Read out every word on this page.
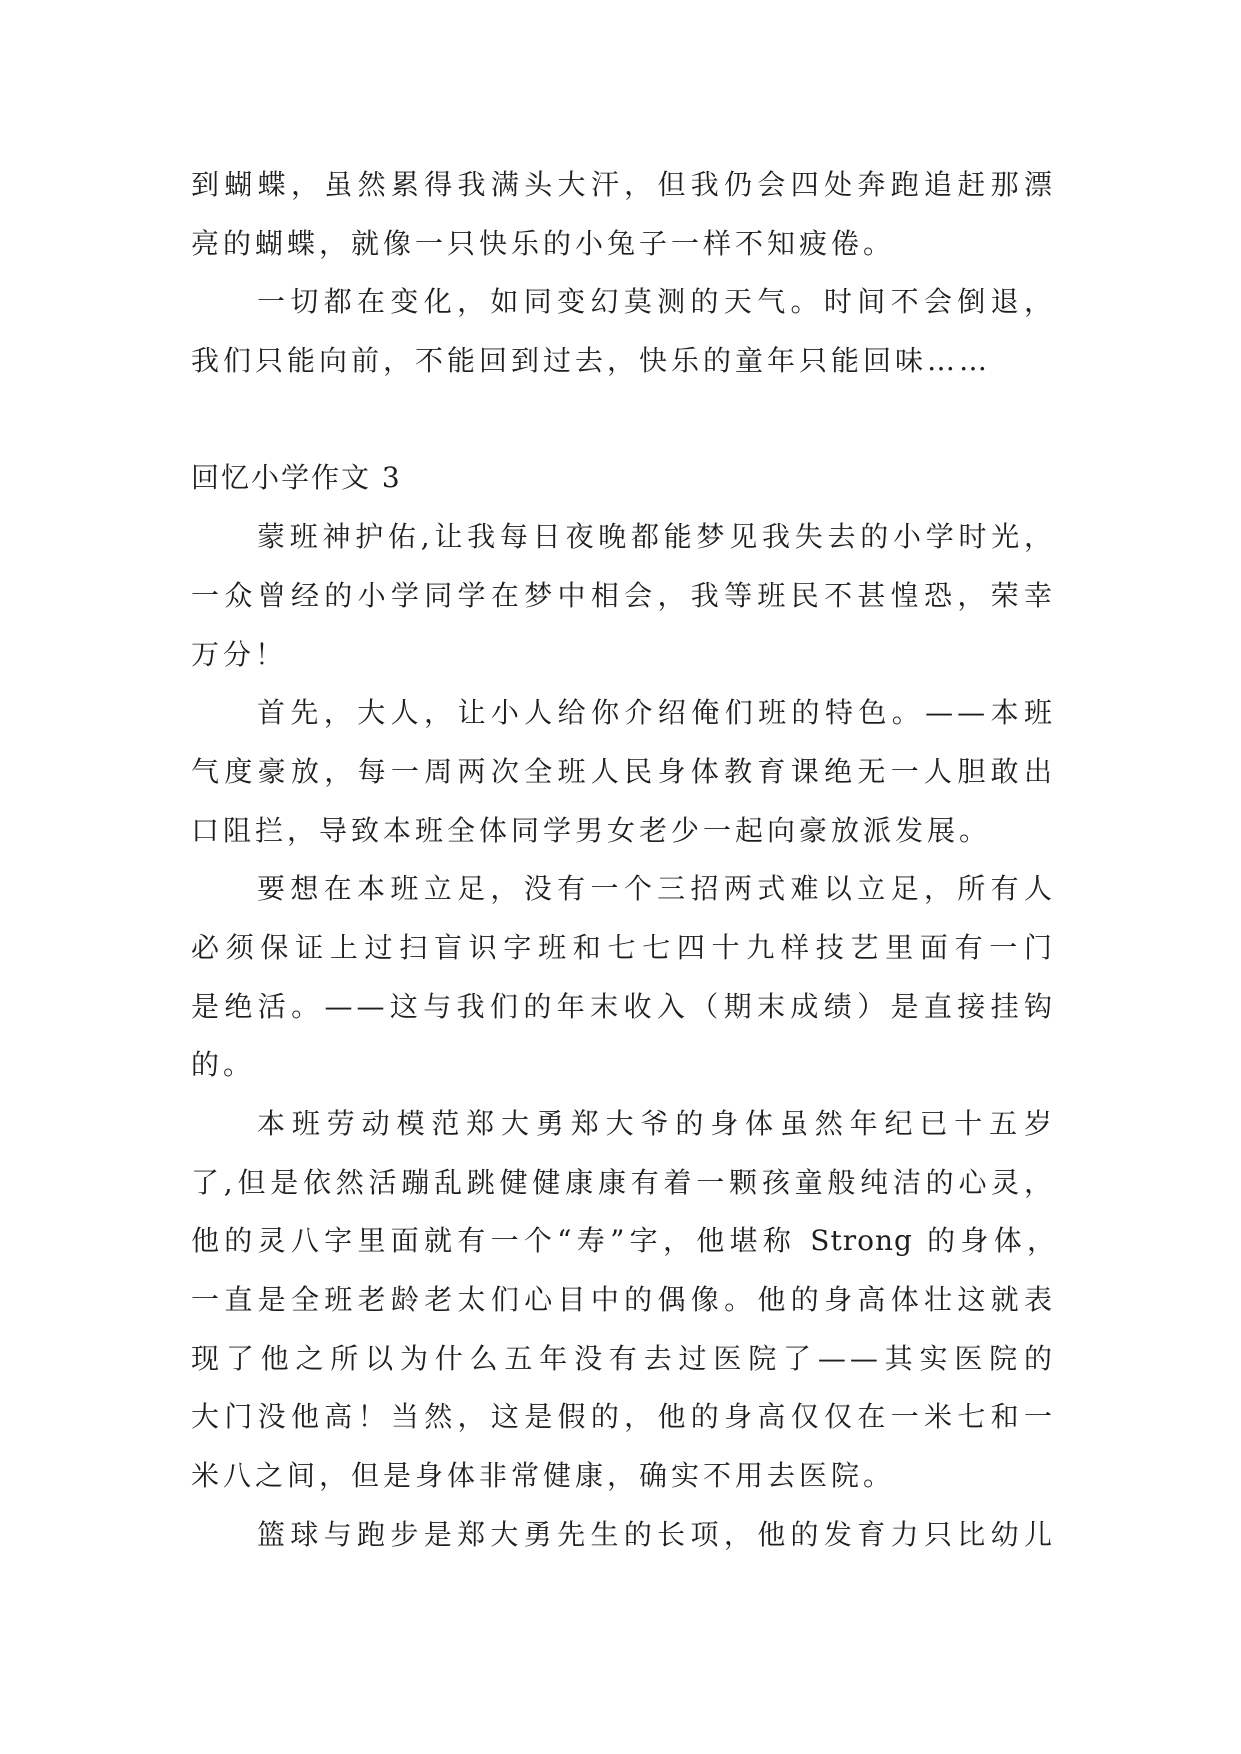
到蝴蝶，虽然累得我满头大汗，但我仍会四处奔跑追赶那漂
亮的蝴蝶，就像一只快乐的小兔子一样不知疲倦。
一切都在变化，如同变幻莫测的天气。时间不会倒退，
我们只能向前，不能回到过去，快乐的童年只能回味……
回忆小学作文 3
蒙班神护佑,让我每日夜晚都能梦见我失去的小学时光，
一众曾经的小学同学在梦中相会，我等班民不甚惶恐，荣幸
万分！
首先，大人，让小人给你介绍俺们班的特色。——本班
气度豪放，每一周两次全班人民身体教育课绝无一人胆敢出
口阻拦，导致本班全体同学男女老少一起向豪放派发展。
要想在本班立足，没有一个三招两式难以立足，所有人
必须保证上过扫盲识字班和七七四十九样技艺里面有一门
是绝活。——这与我们的年末收入（期末成绩）是直接挂钩
的。
本班劳动模范郑大勇郑大爷的身体虽然年纪已十五岁
了,但是依然活蹦乱跳健健康康有着一颗孩童般纯洁的心灵，
他的灵八字里面就有一个“寿”字，他堪称 Strong 的身体，
一直是全班老龄老太们心目中的偶像。他的身高体壮这就表
现了他之所以为什么五年没有去过医院了——其实医院的
大门没他高！当然，这是假的，他的身高仅仅在一米七和一
米八之间，但是身体非常健康，确实不用去医院。
篮球与跑步是郑大勇先生的长项，他的发育力只比幼儿
